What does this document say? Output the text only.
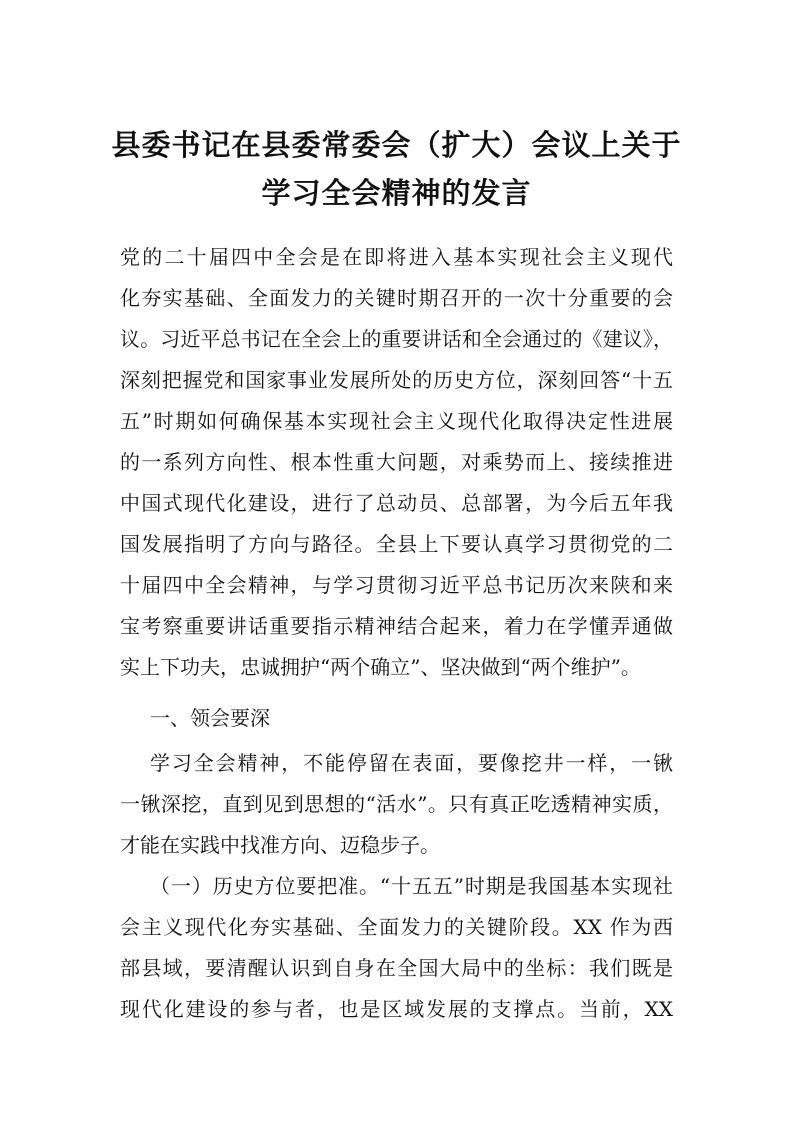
县委书记在县委常委会（扩大）会议上关于
学习全会精神的发言

党的二十届四中全会是在即将进入基本实现社会主义现代

化夯实基础、全面发力的关键时期召开的一次十分重要的会

议。习近平总书记在全会上的重要讲话和全会通过的《建议》，

深刻把握党和国家事业发展所处的历史方位，深刻回答“十五

五”时期如何确保基本实现社会主义现代化取得决定性进展

的一系列方向性、根本性重大问题，对乘势而上、接续推进

中国式现代化建设，进行了总动员、总部署，为今后五年我

国发展指明了方向与路径。全县上下要认真学习贯彻党的二

十届四中全会精神，与学习贯彻习近平总书记历次来陕和来

宝考察重要讲话重要指示精神结合起来，着力在学懂弄通做

实上下功夫，忠诚拥护“两个确立”、坚决做到“两个维护”。

一、领会要深

学习全会精神，不能停留在表面，要像挖井一样，一锹

一锹深挖，直到见到思想的“活水”。只有真正吃透精神实质，

才能在实践中找准方向、迈稳步子。

（一）历史方位要把准。“十五五”时期是我国基本实现社

会主义现代化夯实基础、全面发力的关键阶段。XX 作为西

部县域，要清醒认识到自身在全国大局中的坐标：我们既是

现代化建设的参与者，也是区域发展的支撑点。当前，XX
